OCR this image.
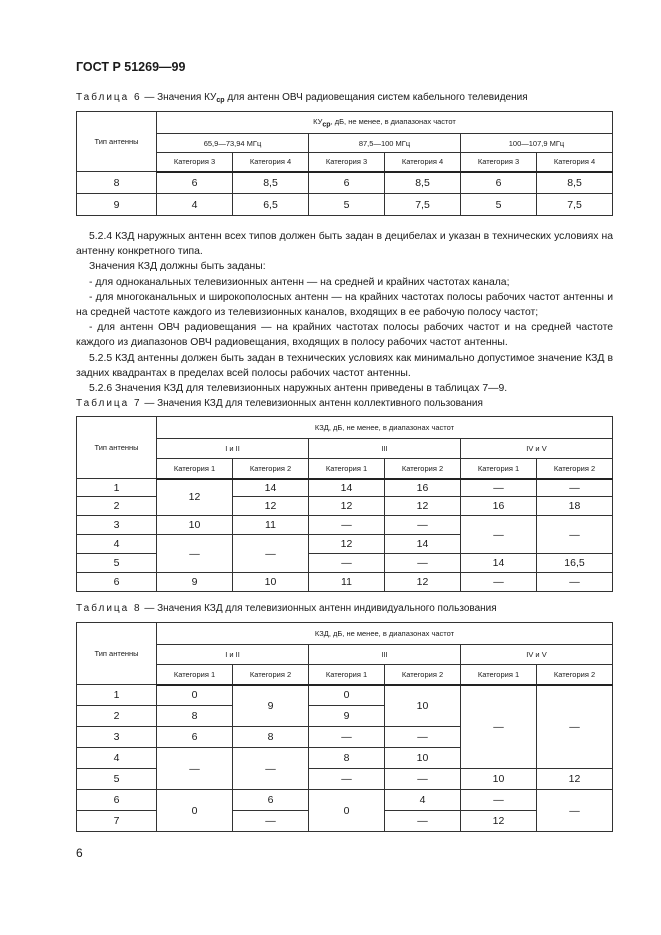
ГОСТ Р 51269—99
Таблица 6 — Значения $КУ_{ср}$ для антенн ОВЧ радиовещания систем кабельного телевидения
Тип антенны	$КУ_{ср}$, дБ, не менее, в диапазонах частот					
	65,9—73,94 МГц		87,5—100 МГц		100—107,9 МГц	
	Категория 3	Категория 4	Категория 3	Категория 4	Категория 3	Категория 4
8	6	8,5	6	8,5	6	8,5
9	4	6,5	5	7,5	5	7,5

5.2.4 КЗД наружных антенн всех типов должен быть задан в децибелах и указан в технических условиях на антенну конкретного типа.

Значения КЗД должны быть заданы:

- для одноканальных телевизионных антенн — на средней и крайних частотах канала;

- для многоканальных и широкополосных антенн — на крайних частотах полосы рабочих частот антенны и на средней частоте каждого из телевизионных каналов, входящих в ее рабочую полосу частот;

- для антенн ОВЧ радиовещания — на крайних частотах полосы рабочих частот и на средней частоте каждого из диапазонов ОВЧ радиовещания, входящих в полосу рабочих частот антенны.

5.2.5 КЗД антенны должен быть задан в технических условиях как минимально допустимое значение КЗД в задних квадрантах в пределах всей полосы рабочих частот антенны.

5.2.6 Значения КЗД для телевизионных наружных антенн приведены в таблицах 7—9.

Таблица 7 — Значения КЗД для телевизионных антенн коллективного пользования
Тип антенны	КЗД, дБ, не менее, в диапазонах частот					
	I и II		III		IV и V	
	Категория 1	Категория 2	Категория 1	Категория 2	Категория 1	Категория 2
1	12	14	14	16	—	—
2		12	12	12	16	18
3	10	11	—	—	—	—
4	—	—	12	14		
5			—	—	14	16,5
6	9	10	11	12	—	—
Таблица 8 — Значения КЗД для телевизионных антенн индивидуального пользования
Тип антенны	КЗД, дБ, не менее, в диапазонах частот					
	I и II		III		IV и V	
	Категория 1	Категория 2	Категория 1	Категория 2	Категория 1	Категория 2
1	0	9	0	10	—	—
2	8		9			
3	6	8	—	—		
4	—	—	8	10		
5			—	—	10	12
6	0	6	0	4	—	—
7		—		—	12	
6
